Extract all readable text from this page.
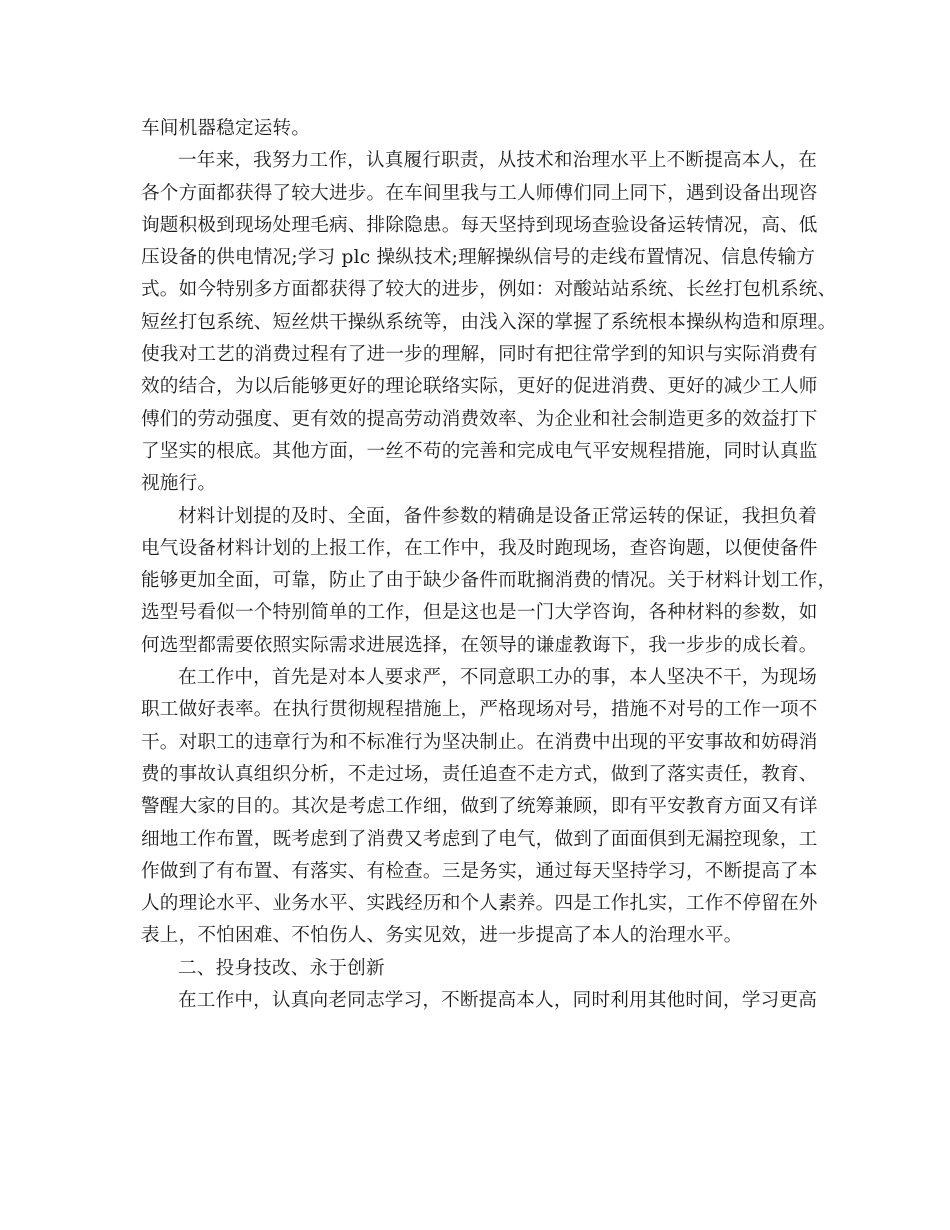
车间机器稳定运转。
一年来，我努力工作，认真履行职责，从技术和治理水平上不断提高本人，在
各个方面都获得了较大进步。在车间里我与工人师傅们同上同下，遇到设备出现咨
询题积极到现场处理毛病、排除隐患。每天坚持到现场查验设备运转情况，高、低
压设备的供电情况;学习 plc 操纵技术;理解操纵信号的走线布置情况、信息传输方
式。如今特别多方面都获得了较大的进步，例如：对酸站站系统、长丝打包机系统、
短丝打包系统、短丝烘干操纵系统等，由浅入深的掌握了系统根本操纵构造和原理。
使我对工艺的消费过程有了进一步的理解，同时有把往常学到的知识与实际消费有
效的结合，为以后能够更好的理论联络实际，更好的促进消费、更好的减少工人师
傅们的劳动强度、更有效的提高劳动消费效率、为企业和社会制造更多的效益打下
了坚实的根底。其他方面，一丝不苟的完善和完成电气平安规程措施，同时认真监
视施行。
材料计划提的及时、全面，备件参数的精确是设备正常运转的保证，我担负着
电气设备材料计划的上报工作，在工作中，我及时跑现场，查咨询题，以便使备件
能够更加全面，可靠，防止了由于缺少备件而耽搁消费的情况。关于材料计划工作，
选型号看似一个特别简单的工作，但是这也是一门大学咨询，各种材料的参数，如
何选型都需要依照实际需求进展选择，在领导的谦虚教诲下，我一步步的成长着。
在工作中，首先是对本人要求严，不同意职工办的事，本人坚决不干，为现场
职工做好表率。在执行贯彻规程措施上，严格现场对号，措施不对号的工作一项不
干。对职工的违章行为和不标准行为坚决制止。在消费中出现的平安事故和妨碍消
费的事故认真组织分析，不走过场，责任追查不走方式，做到了落实责任，教育、
警醒大家的目的。其次是考虑工作细，做到了统筹兼顾，即有平安教育方面又有详
细地工作布置，既考虑到了消费又考虑到了电气，做到了面面俱到无漏控现象，工
作做到了有布置、有落实、有检查。三是务实，通过每天坚持学习，不断提高了本
人的理论水平、业务水平、实践经历和个人素养。四是工作扎实，工作不停留在外
表上，不怕困难、不怕伤人、务实见效，进一步提高了本人的治理水平。
二、投身技改、永于创新
在工作中，认真向老同志学习，不断提高本人，同时利用其他时间，学习更高
